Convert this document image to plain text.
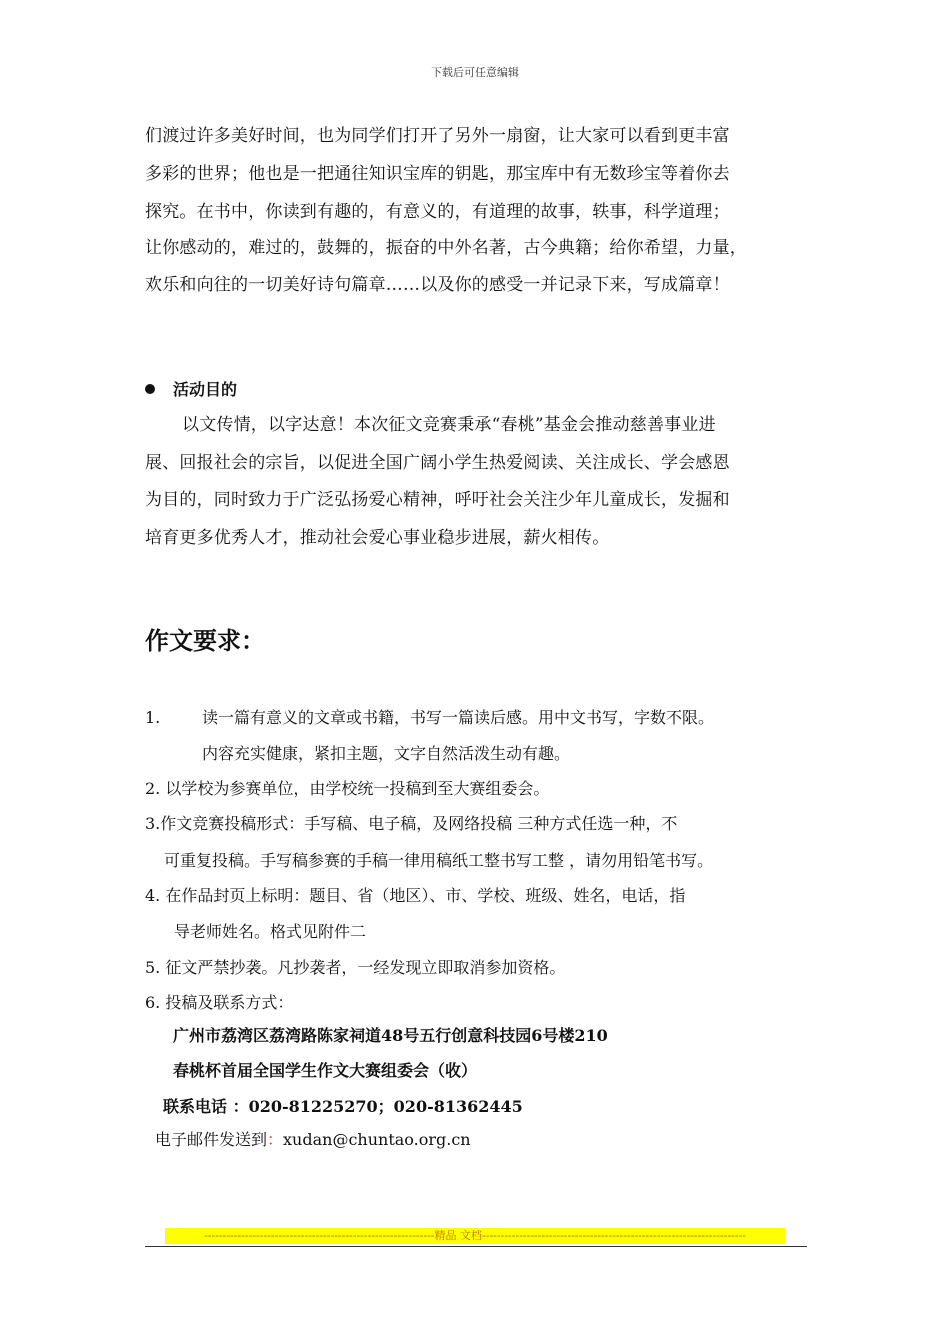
下载后可任意编辑
们渡过许多美好时间，也为同学们打开了另外一扇窗，让大家可以看到更丰富
多彩的世界；他也是一把通往知识宝库的钥匙，那宝库中有无数珍宝等着你去
探究。在书中，你读到有趣的，有意义的，有道理的故事，轶事，科学道理；
让你感动的，难过的，鼓舞的，振奋的中外名著，古今典籍；给你希望，力量，
欢乐和向往的一切美好诗句篇章……以及你的感受一并记录下来，写成篇章！
活动目的
以文传情，以字达意！本次征文竞赛秉承“春桃”基金会推动慈善事业进
展、回报社会的宗旨，以促进全国广阔小学生热爱阅读、关注成长、学会感恩
为目的，同时致力于广泛弘扬爱心精神，呼吁社会关注少年儿童成长，发掘和
培育更多优秀人才，推动社会爱心事业稳步进展，薪火相传。
作文要求：
1.	读一篇有意义的文章或书籍，书写一篇读后感。用中文书写，字数不限。
内容充实健康，紧扣主题，文字自然活泼生动有趣。
2. 以学校为参赛单位，由学校统一投稿到至大赛组委会。
3.作文竞赛投稿形式：手写稿、电子稿，及网络投稿 三种方式任选一种，不
可重复投稿。手写稿参赛的手稿一律用稿纸工整书写工整 ，请勿用铅笔书写。
4. 在作品封页上标明：题目、省（地区）、市、学校、班级、姓名，电话，指
导老师姓名。格式见附件二
5. 征文严禁抄袭。凡抄袭者，一经发现立即取消参加资格。
6. 投稿及联系方式：
广州市荔湾区荔湾路陈家祠道48号五行创意科技园6号楼210
春桃杯首届全国学生作文大赛组委会（收）
联系电话 ：020-81225270；020-81362445
电子邮件发送到：xudan@chuntao.org.cn
--------------------------------------------------------------精品 文档-----------------------------------------------------------------------
